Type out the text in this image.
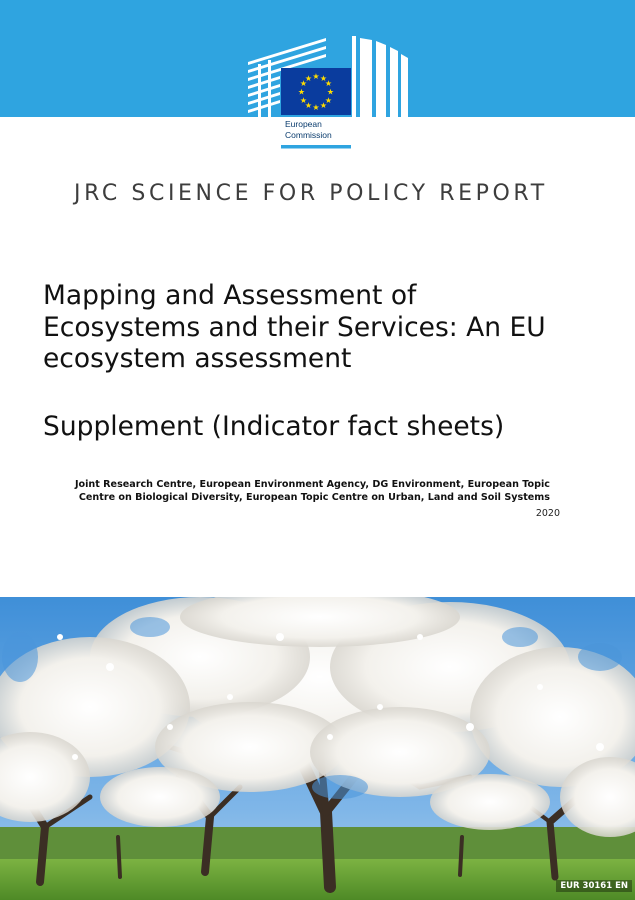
★ ★
★
★
★
★
★
★
★
★
★
★
European
Commission
JRC SCIENCE FOR POLICY REPORT
Mapping and Assessment of
Ecosystems and their Services: An EU
ecosystem assessment
Supplement (Indicator fact sheets)

Joint Research Centre, European Environment Agency, DG Environment, European Topic
Centre on Biological Diversity, European Topic Centre on Urban, Land and Soil Systems

2020
EUR 30161 EN
